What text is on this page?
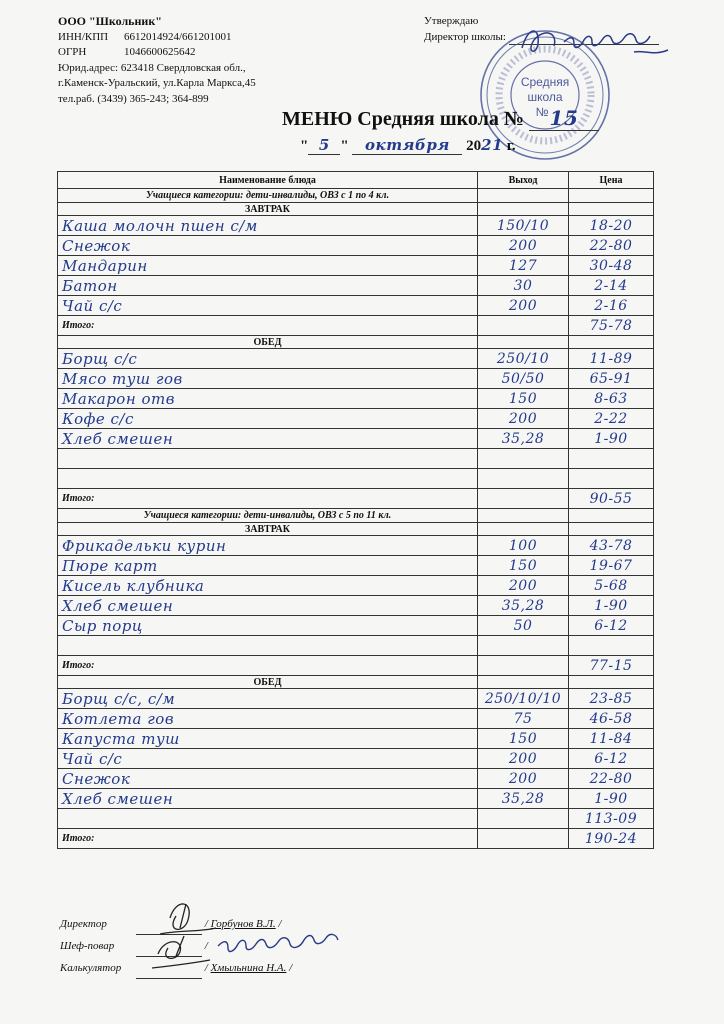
ООО "Школьник"
ИНН/КПП 6612014924/661201001
ОГРН	1046600625642
Юрид.адрес: 623418 Свердловская обл.,
г.Каменск-Уральский, ул.Карла Маркса,45
тел.раб. (3439) 365-243; 364-899
Утверждаю
Директор школы:
Средняя
школа
№
МЕНЮ Средняя школа № 15
" 5 " октября 2021 г.
Наименование блюда	Выход	Цена
Учащиеся категории: дети-инвалиды, ОВЗ с 1 по 4 кл.		
ЗАВТРАК		
Каша молочн пшен с/м	150/10	18-20
Снежок	200	22-80
Мандарин	127	30-48
Батон	30	2-14
Чай с/с	200	2-16
Итого:		75-78
ОБЕД		
Борщ с/с	250/10	11-89
Мясо туш гов	50/50	65-91
Макарон отв	150	8-63
Кофе с/с	200	2-22
Хлеб смешен	35,28	1-90

Итого:		90-55
Учащиеся категории: дети-инвалиды, ОВЗ с 5 по 11 кл.		
ЗАВТРАК		
Фрикадельки курин	100	43-78
Пюре карт	150	19-67
Кисель клубника	200	5-68
Хлеб смешен	35,28	1-90
Сыр порц	50	6-12

Итого:		77-15
ОБЕД		
Борщ с/с, с/м	250/10/10	23-85
Котлета гов	75	46-58
Капуста туш	150	11-84
Чай с/с	200	6-12
Снежок	200	22-80
Хлеб смешен	35,28	1-90
		113-09
Итого:		190-24
Директор	/ Горбунов В.Л. /
Шеф-повар	/
Калькулятор	/ Хмыльнина Н.А. /
